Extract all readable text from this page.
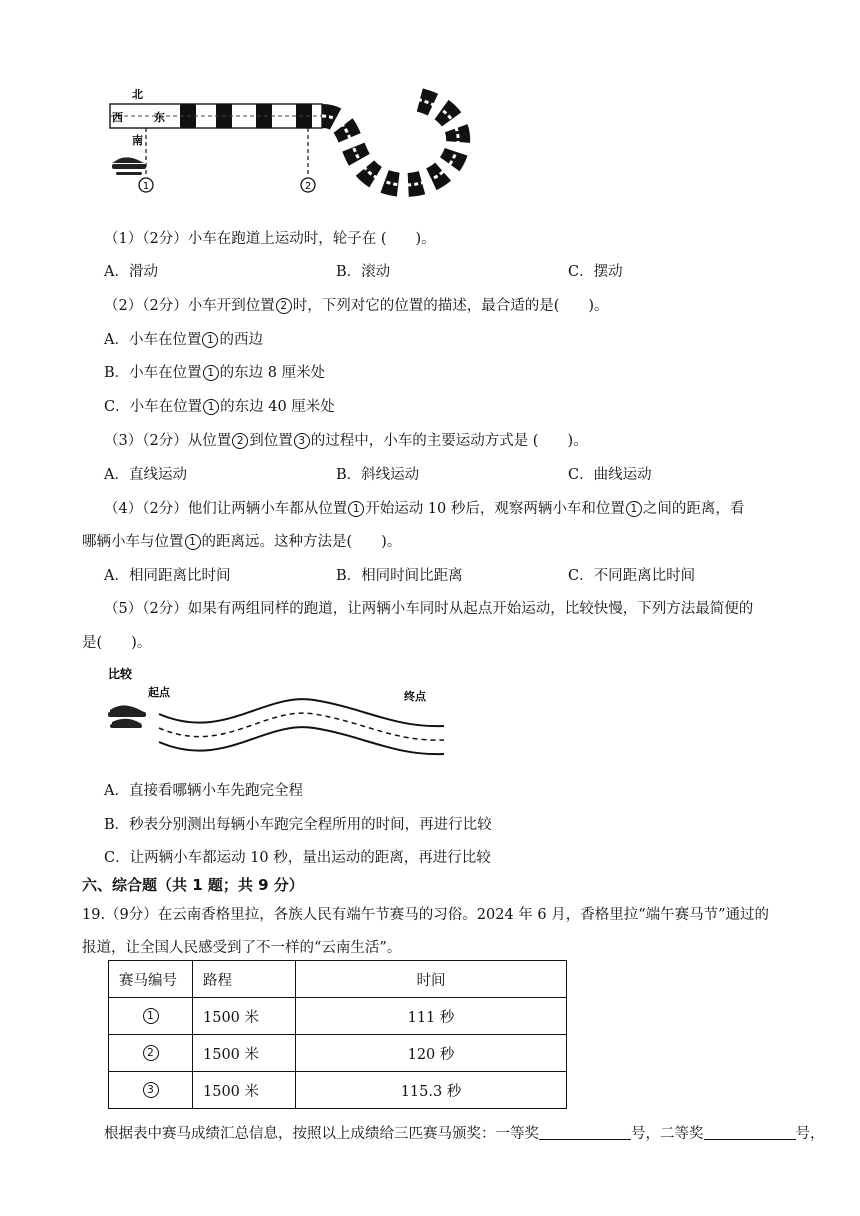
1	2
北
西	东
南
（1）（2分）小车在跑道上运动时，轮子在 (　　)。
A．滑动	B．滚动	C．摆动
（2）（2分）小车开到位置 2 时，下列对它的位置的描述，最合适的是(　　)。
A．小车在位置 1 的西边
B．小车在位置 1 的东边 8 厘米处
C．小车在位置 1 的东边 40 厘米处
（3）（2分）从位置 2 到位置 3 的过程中，小车的主要运动方式是 (　　)。
A．直线运动	B．斜线运动	C．曲线运动
（4）（2分）他们让两辆小车都从位置 1 开始运动 10 秒后，观察两辆小车和位置 1 之间的距离，看
哪辆小车与位置 1 的距离远。这种方法是(　　)。
A．相同距离比时间	B．相同时间比距离	C．不同距离比时间
（5）（2分）如果有两组同样的跑道，让两辆小车同时从起点开始运动，比较快慢，下列方法最简便的
是(　　)。
比较
起点	终点
A．直接看哪辆小车先跑完全程
B．秒表分别测出每辆小车跑完全程所用的时间，再进行比较
C．让两辆小车都运动 10 秒，量出运动的距离，再进行比较
六、综合题（共 1 题；共 9 分）
19.（9分）在云南香格里拉，各族人民有端午节赛马的习俗。2024 年 6 月，香格里拉“端午赛马节”通过的
报道，让全国人民感受到了不一样的“云南生活”。
赛马编号	路程	时间
1	1500 米	111 秒
2	1500 米	120 秒
3	1500 米	115.3 秒
根据表中赛马成绩汇总信息，按照以上成绩给三匹赛马颁奖：一等奖	号，二等奖	号，
